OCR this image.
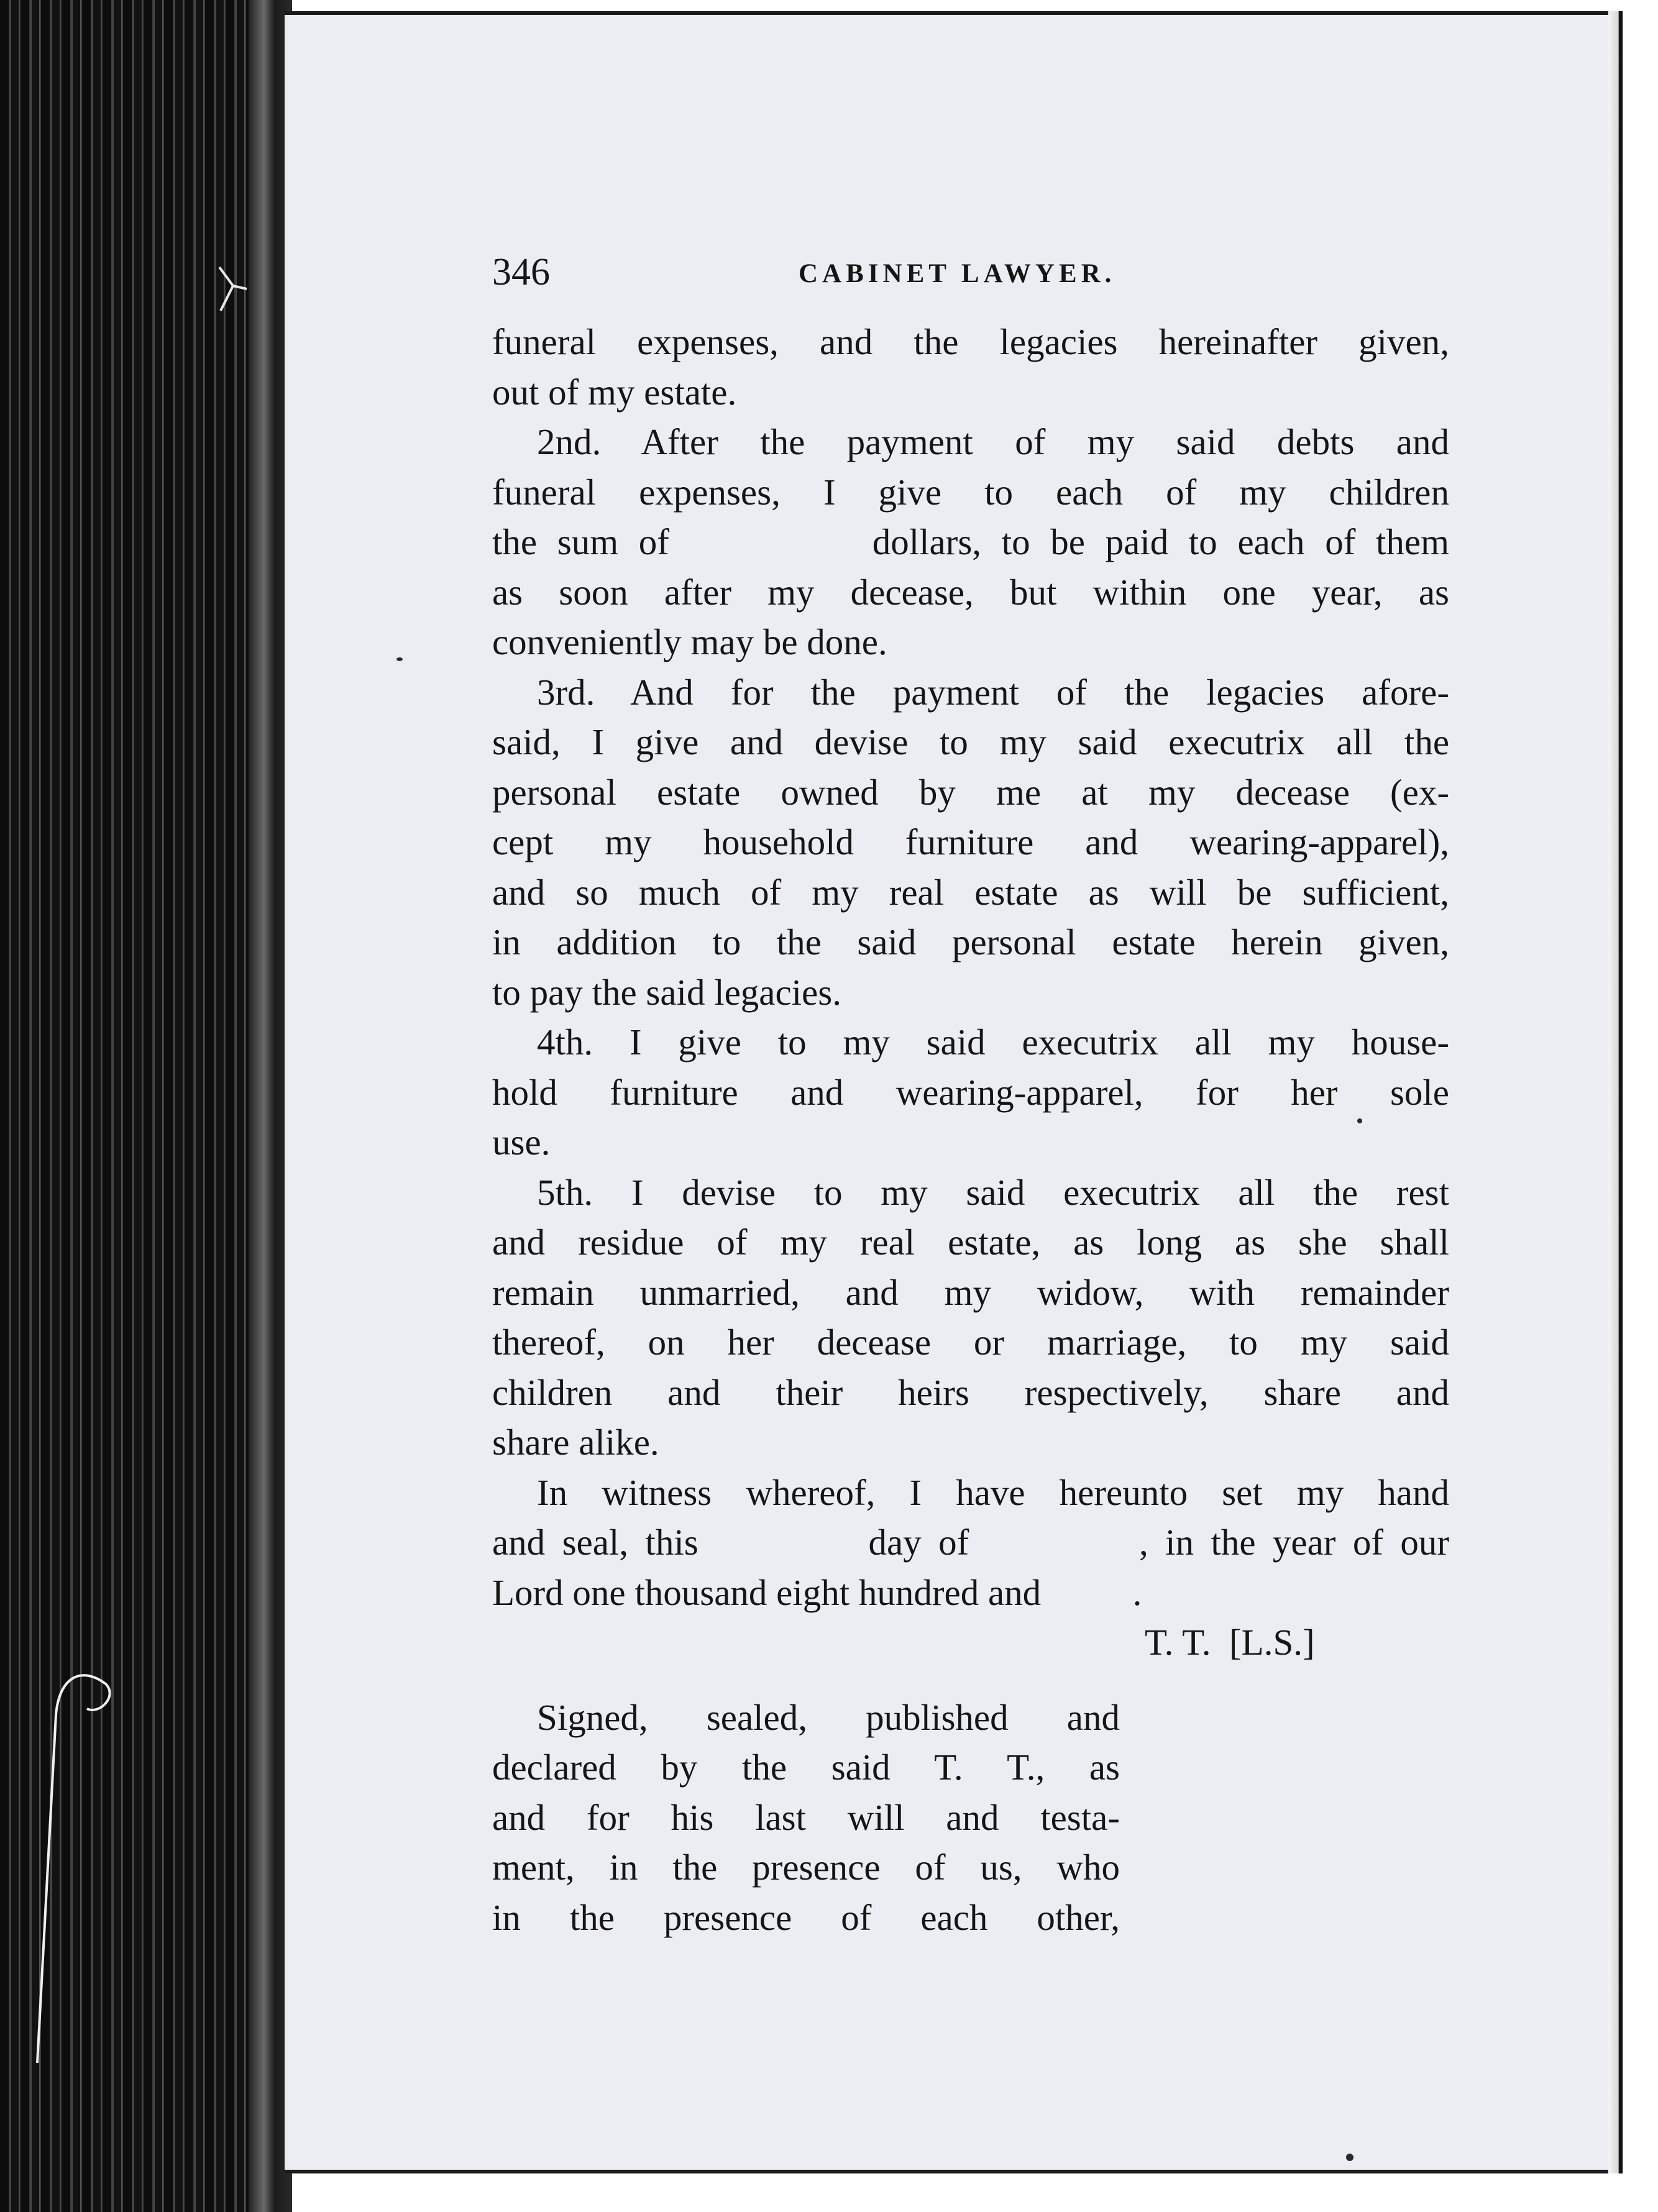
346	CABINET LAWYER.
funeral expenses, and the legacies hereinafter given,
out of my estate.
2nd. After the payment of my said debts and
funeral expenses, I give to each of my children
the sum of          dollars, to be paid to each of them
as soon after my decease, but within one year, as
conveniently may be done.
3rd. And for the payment of the legacies afore-
said, I give and devise to my said executrix all the
personal estate owned by me at my decease (ex-
cept my household furniture and wearing-apparel),
and so much of my real estate as will be sufficient,
in addition to the said personal estate herein given,
to pay the said legacies.
4th. I give to my said executrix all my house-
hold furniture and wearing-apparel, for her sole
use.
5th. I devise to my said executrix all the rest
and residue of my real estate, as long as she shall
remain unmarried, and my widow, with remainder
thereof, on her decease or marriage, to my said
children and their heirs respectively, share and
share alike.
In witness whereof, I have hereunto set my hand
and seal, this          day of          , in the year of our
Lord one thousand eight hundred and          .
T. T.  [L.S.]
Signed, sealed, published and
declared by the said T. T., as
and for his last will and testa-
ment, in the presence of us, who
in the presence of each other,
